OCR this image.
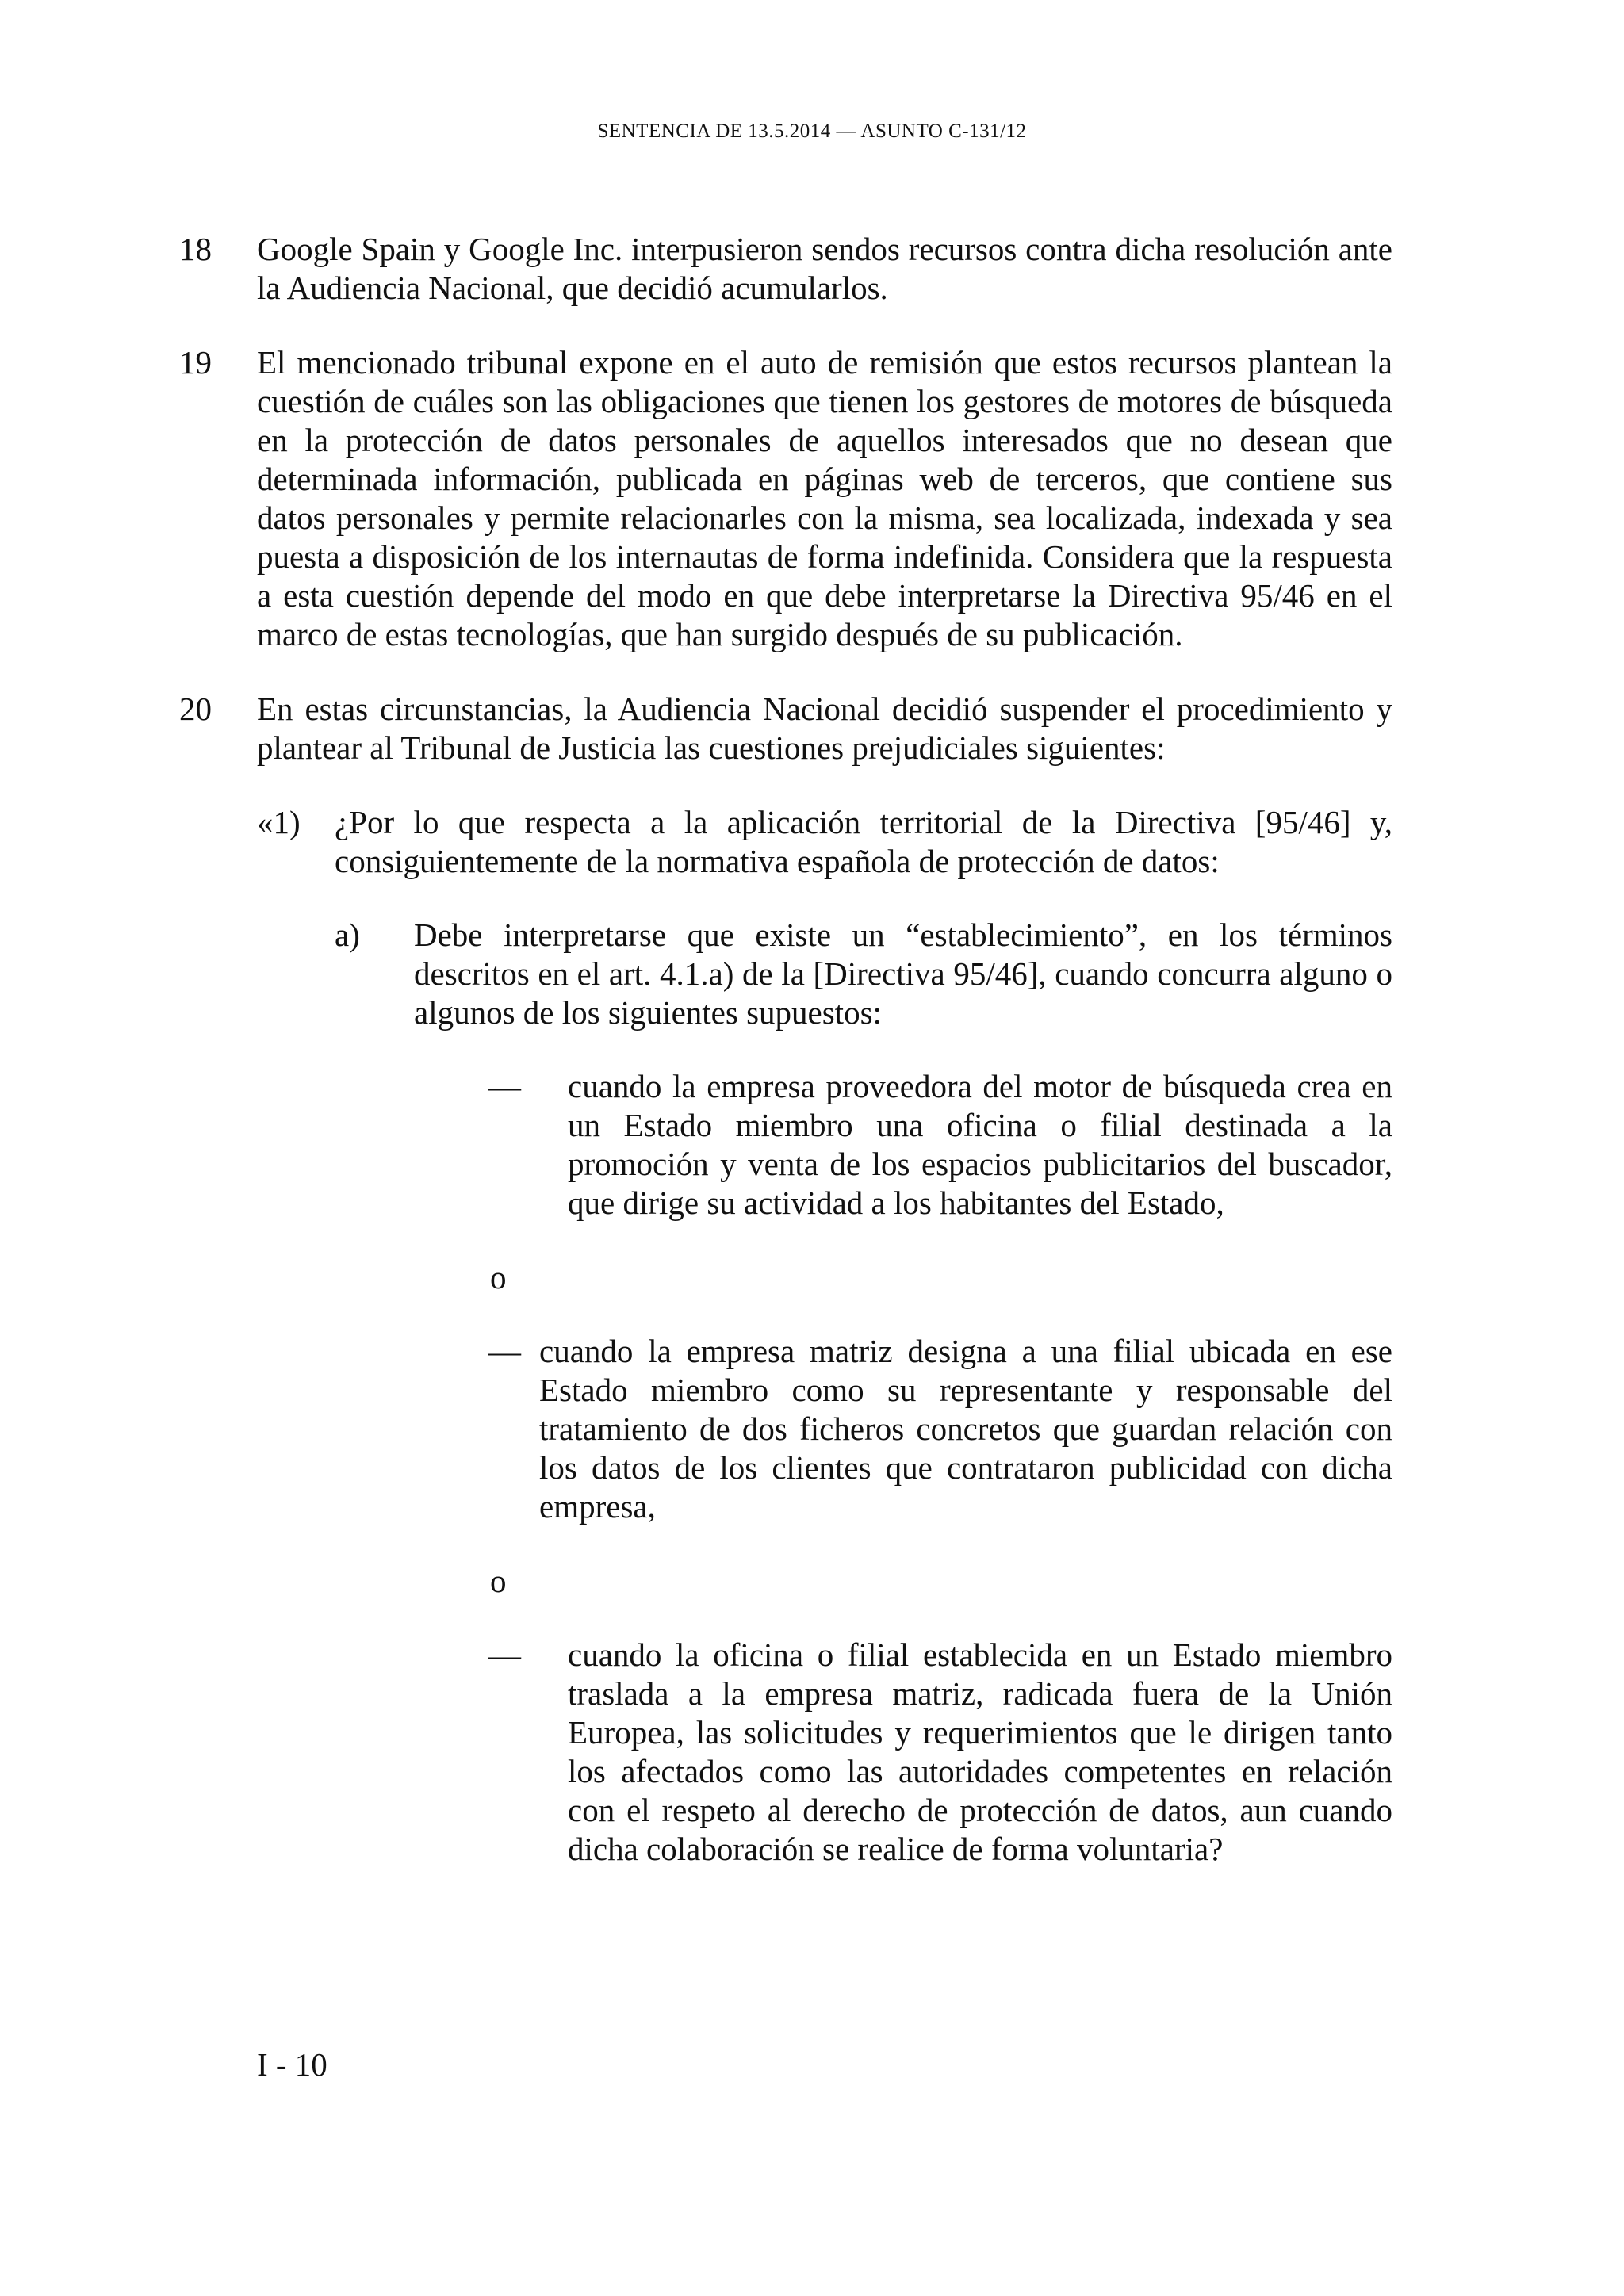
SENTENCIA DE 13.5.2014 — ASUNTO C-131/12
18 Google Spain y Google Inc. interpusieron sendos recursos contra dicha resolución ante la Audiencia Nacional, que decidió acumularlos.
19 El mencionado tribunal expone en el auto de remisión que estos recursos plantean la cuestión de cuáles son las obligaciones que tienen los gestores de motores de búsqueda en la protección de datos personales de aquellos interesados que no desean que determinada información, publicada en páginas web de terceros, que contiene sus datos personales y permite relacionarles con la misma, sea localizada, indexada y sea puesta a disposición de los internautas de forma indefinida. Considera que la respuesta a esta cuestión depende del modo en que debe interpretarse la Directiva 95/46 en el marco de estas tecnologías, que han surgido después de su publicación.
20 En estas circunstancias, la Audiencia Nacional decidió suspender el procedimiento y plantear al Tribunal de Justicia las cuestiones prejudiciales siguientes:
«1) ¿Por lo que respecta a la aplicación territorial de la Directiva [95/46] y, consiguientemente de la normativa española de protección de datos:
a) Debe interpretarse que existe un “establecimiento”, en los términos descritos en el art. 4.1.a) de la [Directiva 95/46], cuando concurra alguno o algunos de los siguientes supuestos:
— cuando la empresa proveedora del motor de búsqueda crea en un Estado miembro una oficina o filial destinada a la promoción y venta de los espacios publicitarios del buscador, que dirige su actividad a los habitantes del Estado,
o
— cuando la empresa matriz designa a una filial ubicada en ese Estado miembro como su representante y responsable del tratamiento de dos ficheros concretos que guardan relación con los datos de los clientes que contrataron publicidad con dicha empresa,
o
— cuando la oficina o filial establecida en un Estado miembro traslada a la empresa matriz, radicada fuera de la Unión Europea, las solicitudes y requerimientos que le dirigen tanto los afectados como las autoridades competentes en relación con el respeto al derecho de protección de datos, aun cuando dicha colaboración se realice de forma voluntaria?
I - 10
